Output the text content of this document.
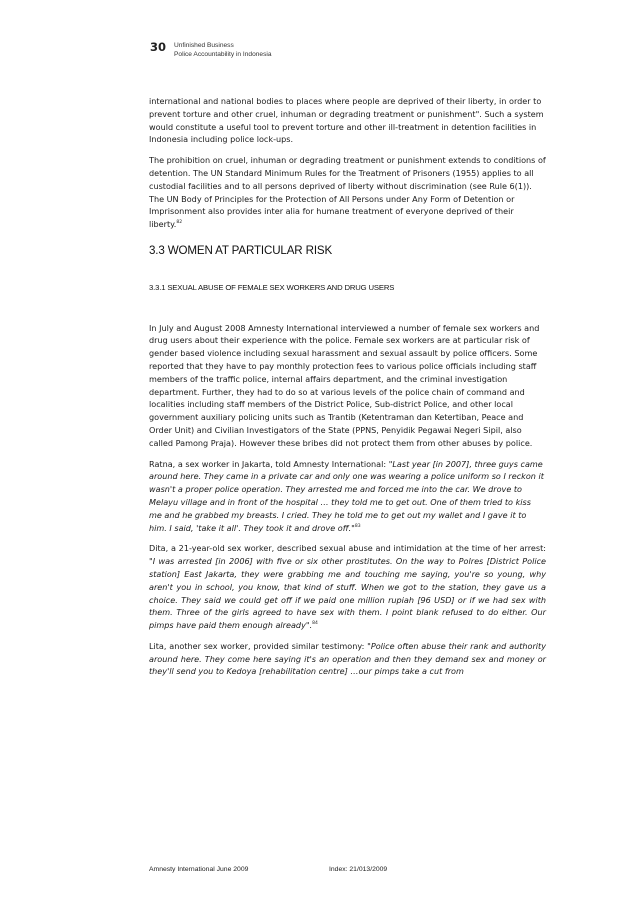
30 Unfinished Business
Police Accountability in Indonesia

international and national bodies to places where people are deprived of their liberty, in order to prevent torture and other cruel, inhuman or degrading treatment or punishment". Such a system would constitute a useful tool to prevent torture and other ill-treatment in detention facilities in Indonesia including police lock-ups.

The prohibition on cruel, inhuman or degrading treatment or punishment extends to conditions of detention. The UN Standard Minimum Rules for the Treatment of Prisoners (1955) applies to all custodial facilities and to all persons deprived of liberty without discrimination (see Rule 6(1)). The UN Body of Principles for the Protection of All Persons under Any Form of Detention or Imprisonment also provides inter alia for humane treatment of everyone deprived of their liberty.$^{82}$

3.3 WOMEN AT PARTICULAR RISK
3.3.1 SEXUAL ABUSE OF FEMALE SEX WORKERS AND DRUG USERS

In July and August 2008 Amnesty International interviewed a number of female sex workers and drug users about their experience with the police. Female sex workers are at particular risk of gender based violence including sexual harassment and sexual assault by police officers. Some reported that they have to pay monthly protection fees to various police officials including staff members of the traffic police, internal affairs department, and the criminal investigation department. Further, they had to do so at various levels of the police chain of command and localities including staff members of the District Police, Sub-district Police, and other local government auxiliary policing units such as Trantib (Ketentraman dan Ketertiban, Peace and Order Unit) and Civilian Investigators of the State (PPNS, Penyidik Pegawai Negeri Sipil, also called Pamong Praja). However these bribes did not protect them from other abuses by police.

Ratna, a sex worker in Jakarta, told Amnesty International: "Last year [in 2007], three guys came around here. They came in a private car and only one was wearing a police uniform so I reckon it wasn't a proper police operation. They arrested me and forced me into the car. We drove to Melayu village and in front of the hospital … they told me to get out. One of them tried to kiss me and he grabbed my breasts. I cried. They he told me to get out my wallet and I gave it to him. I said, 'take it all'. They took it and drove off."$^{83}$

Dita, a 21-year-old sex worker, described sexual abuse and intimidation at the time of her arrest: "I was arrested [in 2006] with five or six other prostitutes. On the way to Polres [District Police station] East Jakarta, they were grabbing me and touching me saying, you're so young, why aren't you in school, you know, that kind of stuff. When we got to the station, they gave us a choice. They said we could get off if we paid one million rupiah [96 USD] or if we had sex with them. Three of the girls agreed to have sex with them. I point blank refused to do either. Our pimps have paid them enough already".$^{84}$

Lita, another sex worker, provided similar testimony: "Police often abuse their rank and authority around here. They come here saying it's an operation and then they demand sex and money or they'll send you to Kedoya [rehabilitation centre] …our pimps take a cut from

Amnesty International June 2009	Index: 21/013/2009
